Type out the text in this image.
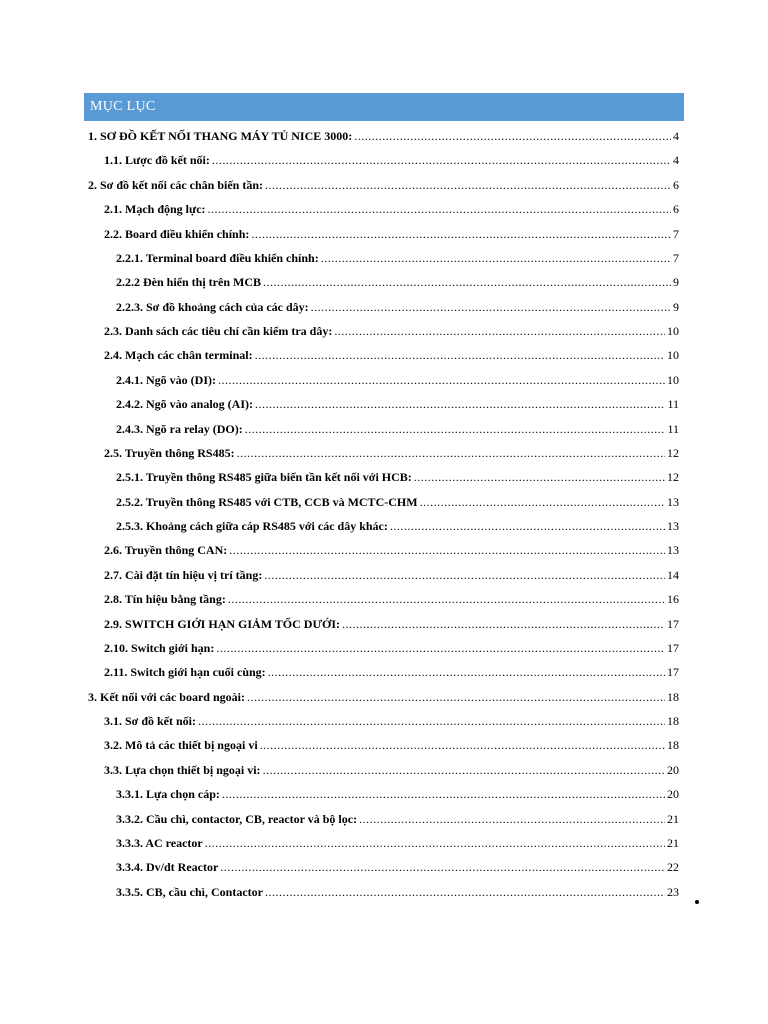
MỤC LỤC
1. SƠ ĐỒ KẾT NỐI THANG MÁY TỦ NICE 3000: .....	4
1.1. Lược đồ kết nối: .....	4
2. Sơ đồ kết nối các chân biến tần: .....	6
2.1. Mạch động lực: .....	6
2.2. Board điều khiển chính: .....	7
2.2.1. Terminal board điều khiển chính: .....	7
2.2.2 Đèn hiển thị trên MCB .....	9
2.2.3. Sơ đồ khoảng cách của các dây: .....	9
2.3. Danh sách các tiêu chí cần kiểm tra dây: .....	10
2.4. Mạch các chân terminal: .....	10
2.4.1. Ngõ vào (DI): .....	10
2.4.2. Ngõ vào analog (AI): .....	11
2.4.3. Ngõ ra relay (DO): .....	11
2.5. Truyền thông RS485: .....	12
2.5.1. Truyền thông RS485 giữa biến tần kết nối với HCB: .....	12
2.5.2. Truyền thông RS485 với CTB, CCB và MCTC-CHM .....	13
2.5.3. Khoảng cách giữa cáp RS485 với các dây khác: .....	13
2.6. Truyền thông CAN: .....	13
2.7. Cài đặt tín hiệu vị trí tầng: .....	14
2.8. Tín hiệu bằng tầng: .....	16
2.9. SWITCH GIỚI HẠN GIẢM TỐC DƯỚI: .....	17
2.10. Switch giới hạn: .....	17
2.11. Switch giới hạn cuối cùng: .....	17
3. Kết nối với các board ngoài: .....	18
3.1. Sơ đồ kết nối: .....	18
3.2. Mô tả các thiết bị ngoại vi .....	18
3.3. Lựa chọn thiết bị ngoại vi: .....	20
3.3.1. Lựa chọn cáp: .....	20
3.3.2. Cầu chì, contactor, CB, reactor và bộ lọc: .....	21
3.3.3. AC reactor .....	21
3.3.4. Dv/dt Reactor .....	22
3.3.5. CB, cầu chì, Contactor .....	23
